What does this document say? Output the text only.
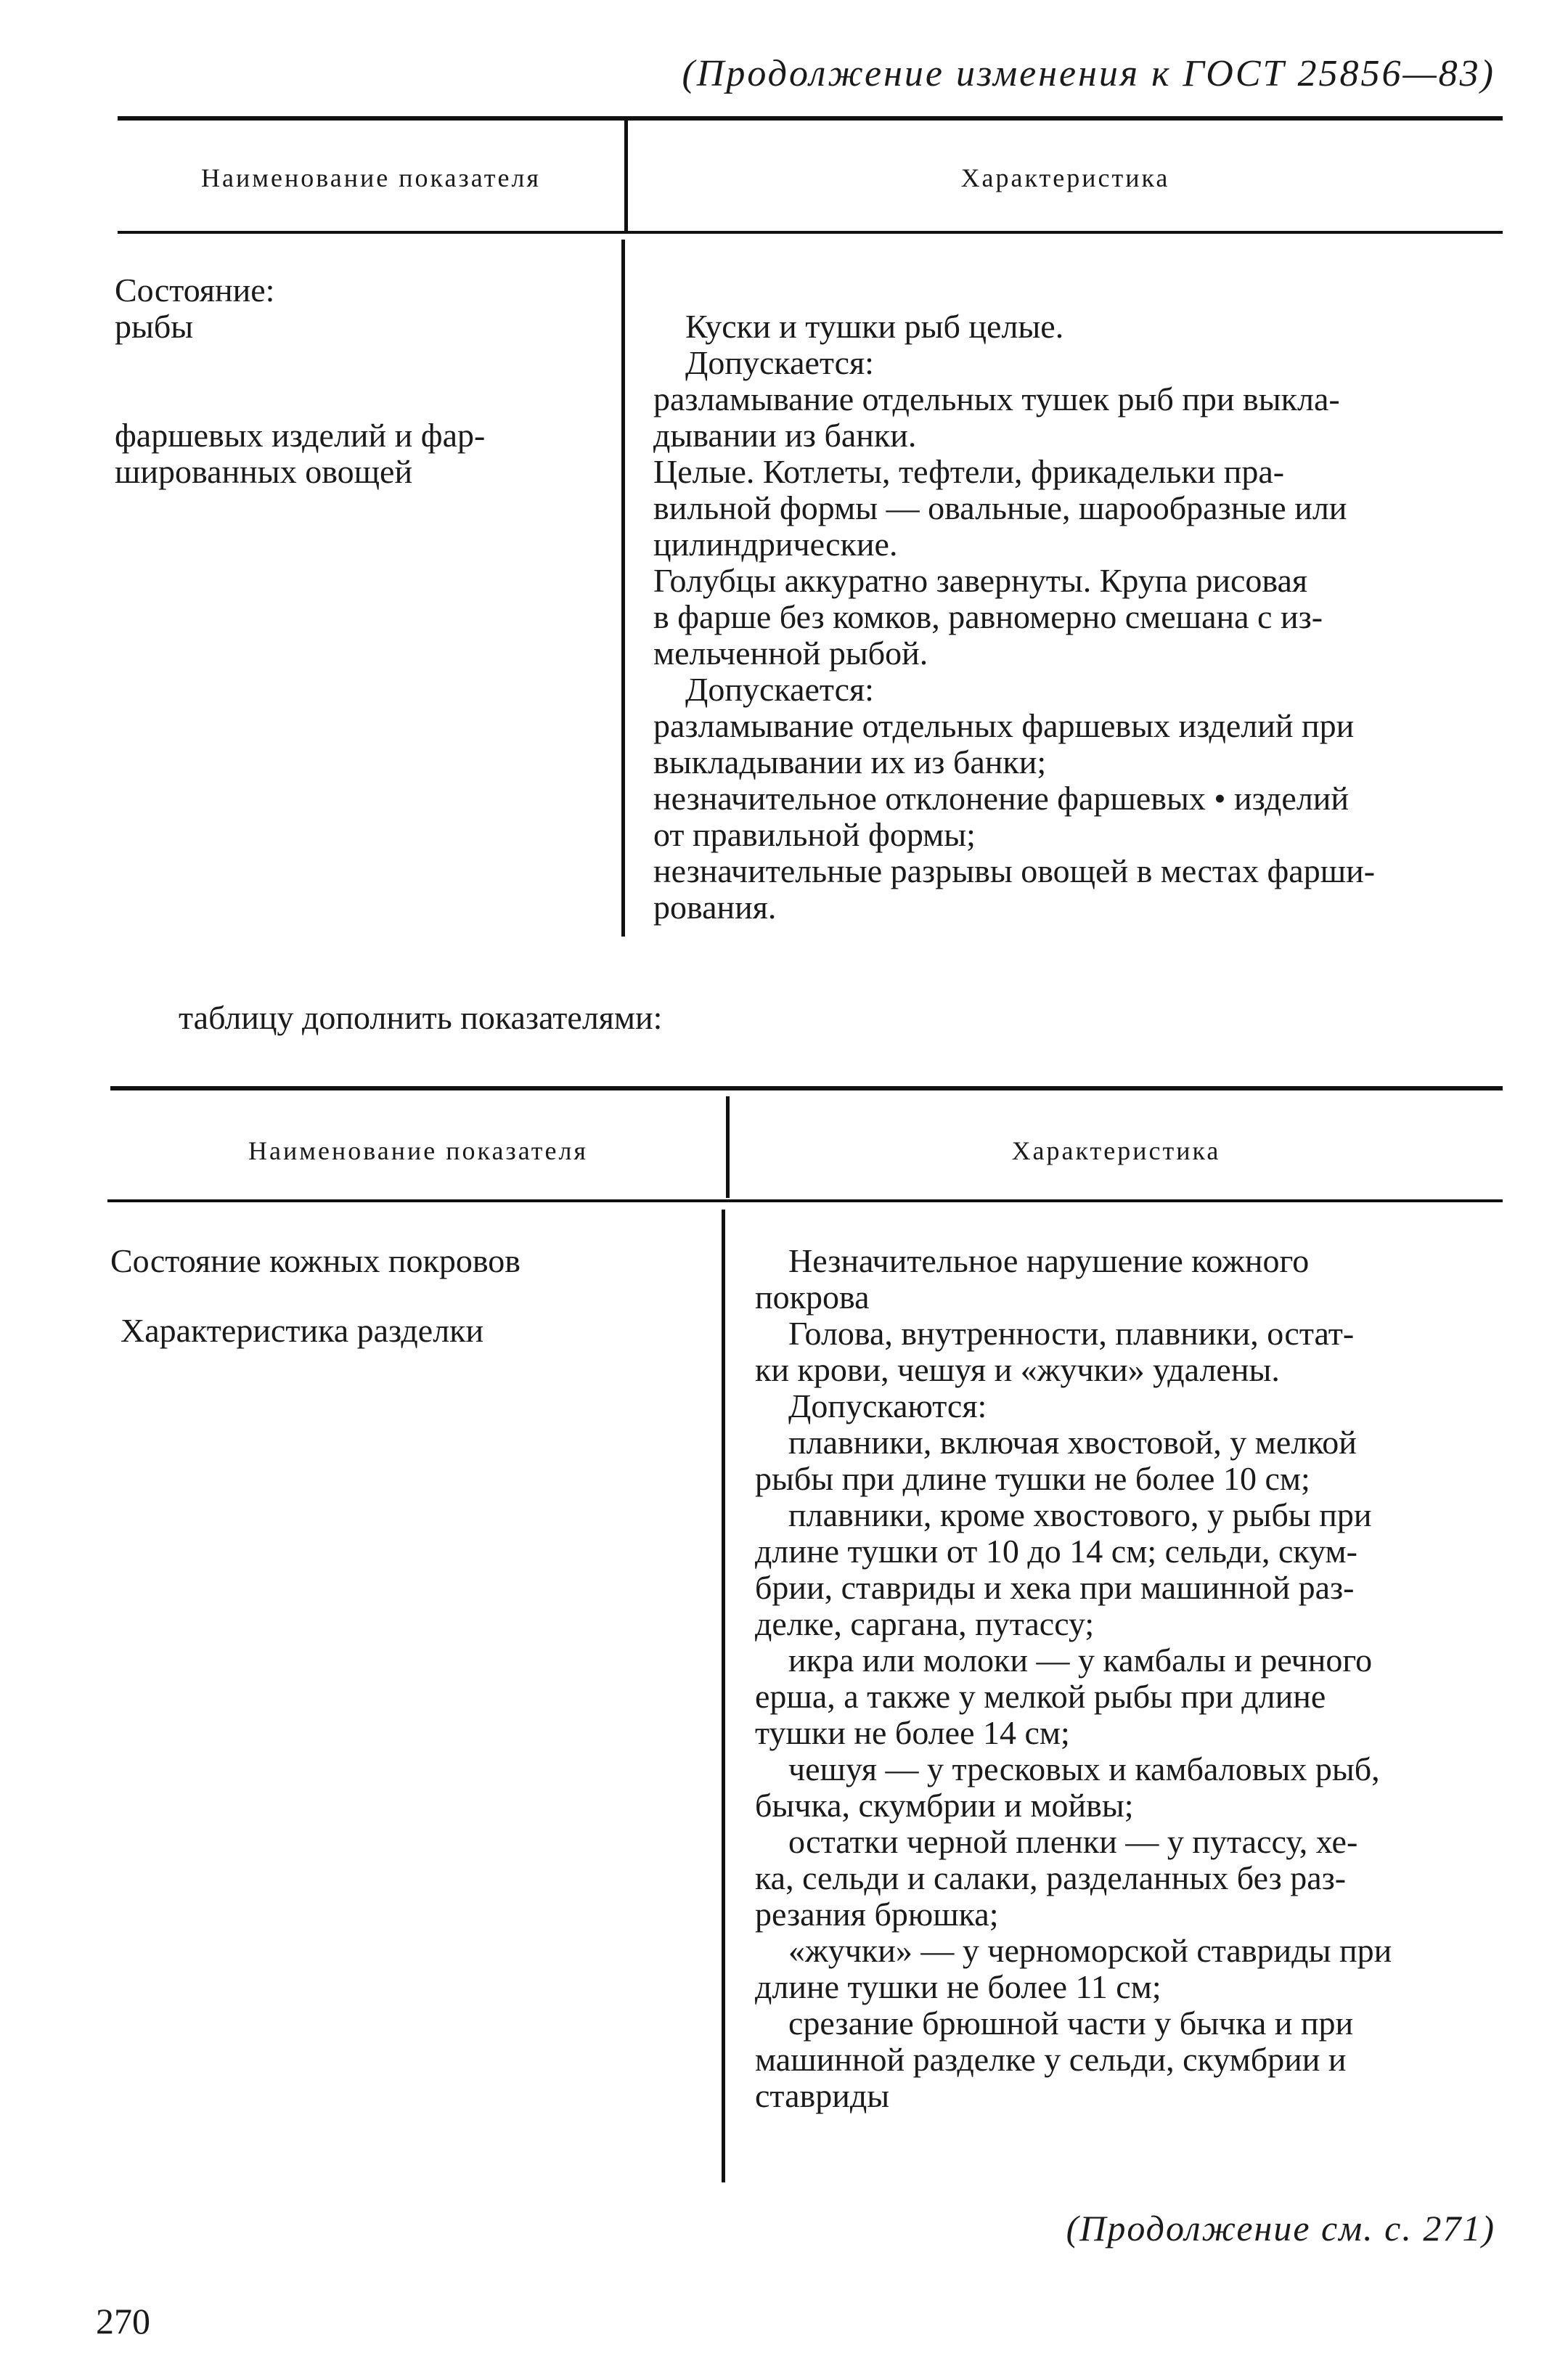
(Продолжение изменения к ГОСТ 25856—83)
Наименование показателя	Характеристика

Состояние:

рыбы

фаршевых изделий и фар-

шированных овощей

Куски и тушки рыб целые.

Допускается:

разламывание отдельных тушек рыб при выкла-

дывании из банки.

Целые. Котлеты, тефтели, фрикадельки пра-

вильной формы — овальные, шарообразные или

цилиндрические.

Голубцы аккуратно завернуты. Крупа рисовая

в фарше без комков, равномерно смешана с из-

мельченной рыбой.

Допускается:

разламывание отдельных фаршевых изделий при

выкладывании их из банки;

незначительное отклонение фаршевых • изделий

от правильной формы;

незначительные разрывы овощей в местах фарши-

рования.

таблицу дополнить показателями:
Наименование показателя	Характеристика

Состояние кожных покровов

Характеристика разделки

Незначительное нарушение кожного

покрова

Голова, внутренности, плавники, остат-

ки крови, чешуя и «жучки» удалены.

Допускаются:

плавники, включая хвостовой, у мелкой

рыбы при длине тушки не более 10 см;

плавники, кроме хвостового, у рыбы при

длине тушки от 10 до 14 см; сельди, скум-

брии, ставриды и хека при машинной раз-

делке, саргана, путассу;

икра или молоки — у камбалы и речного

ерша, а также у мелкой рыбы при длине

тушки не более 14 см;

чешуя — у тресковых и камбаловых рыб,

бычка, скумбрии и мойвы;

остатки черной пленки — у путассу, хе-

ка, сельди и салаки, разделанных без раз-

резания брюшка;

«жучки» — у черноморской ставриды при

длине тушки не более 11 см;

срезание брюшной части у бычка и при

машинной разделке у сельди, скумбрии и

ставриды

(Продолжение см. с. 271)
270
